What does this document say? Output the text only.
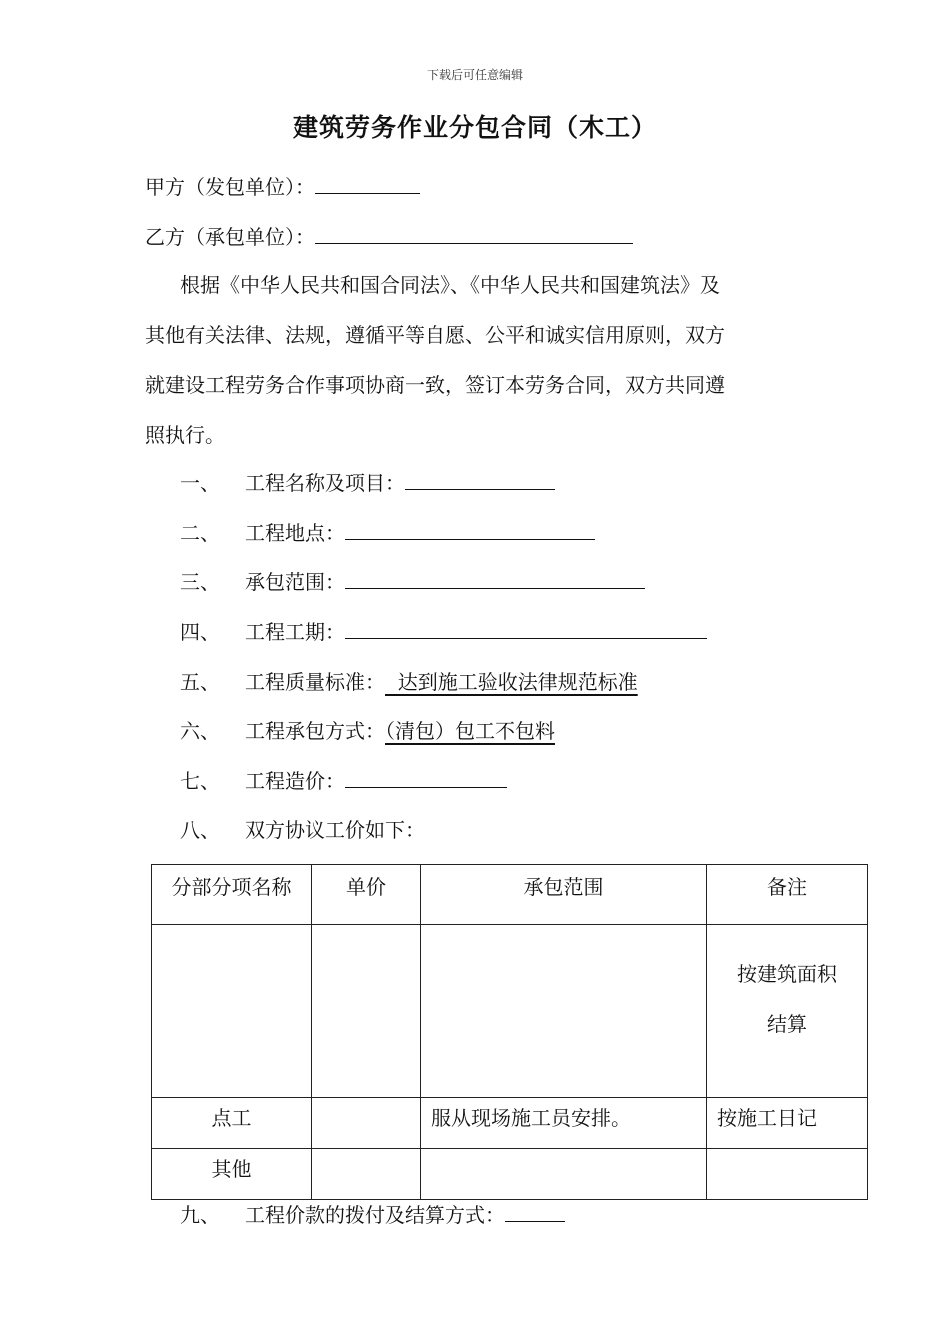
下载后可任意编辑
建筑劳务作业分包合同（木工）
甲方（发包单位）：
乙方（承包单位）：

根据《中华人民共和国合同法》、《中华人民共和国建筑法》及

其他有关法律、法规，遵循平等自愿、公平和诚实信用原则，双方

就建设工程劳务合作事项协商一致，签订本劳务合同，双方共同遵

照执行。

一、 工程名称及项目：
二、 工程地点：
三、 承包范围：
四、 工程工期：
五、 工程质量标准：  达到施工验收法律规范标准
六、 工程承包方式：（清包）包工不包料
七、 工程造价：
八、 双方协议工价如下：
分部分项名称	单价	承包范围	备注

			按建筑面积
结算

点工		服从现场施工员安排。	按施工日记
其他			
九、 工程价款的拨付及结算方式：
